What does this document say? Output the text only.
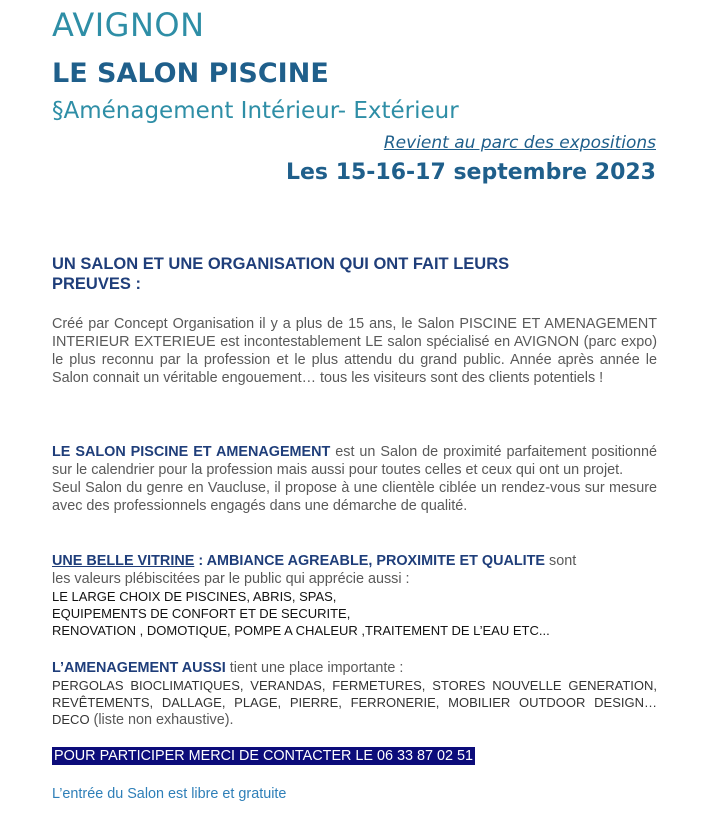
AVIGNON
LE SALON PISCINE
§Aménagement Intérieur- Extérieur
Revient au parc des expositions
Les 15-16-17 septembre 2023
UN SALON ET UNE ORGANISATION QUI ONT FAIT LEURS
PREUVES :
Créé par Concept Organisation il y a plus de 15 ans, le Salon PISCINE ET AMENAGEMENT INTERIEUR EXTERIEUE est incontestablement LE salon spécialisé en AVIGNON (parc expo) le plus reconnu par la profession et le plus attendu du grand public. Année après année le Salon connait un véritable engouement… tous les visiteurs sont des clients potentiels !
LE SALON PISCINE ET AMENAGEMENT est un Salon de proximité parfaitement positionné sur le calendrier pour la profession mais aussi pour toutes celles et ceux qui ont un projet.
Seul Salon du genre en Vaucluse, il propose à une clientèle ciblée un rendez-vous sur mesure avec des professionnels engagés dans une démarche de qualité.
UNE BELLE VITRINE : AMBIANCE AGREABLE, PROXIMITE ET QUALITE sont
les valeurs plébiscitées par le public qui apprécie aussi :
LE LARGE CHOIX DE PISCINES, ABRIS, SPAS,
EQUIPEMENTS DE CONFORT ET DE SECURITE,
RENOVATION , DOMOTIQUE, POMPE A CHALEUR ,TRAITEMENT DE L’EAU ETC...
L’AMENAGEMENT AUSSI tient une place importante :
PERGOLAS BIOCLIMATIQUES, VERANDAS, FERMETURES, STORES NOUVELLE GENERATION, REVÊTEMENTS, DALLAGE, PLAGE, PIERRE, FERRONERIE, MOBILIER OUTDOOR DESIGN… DECO (liste non exhaustive).
POUR PARTICIPER MERCI DE CONTACTER LE 06 33 87 02 51
L’entrée du Salon est libre et gratuite
